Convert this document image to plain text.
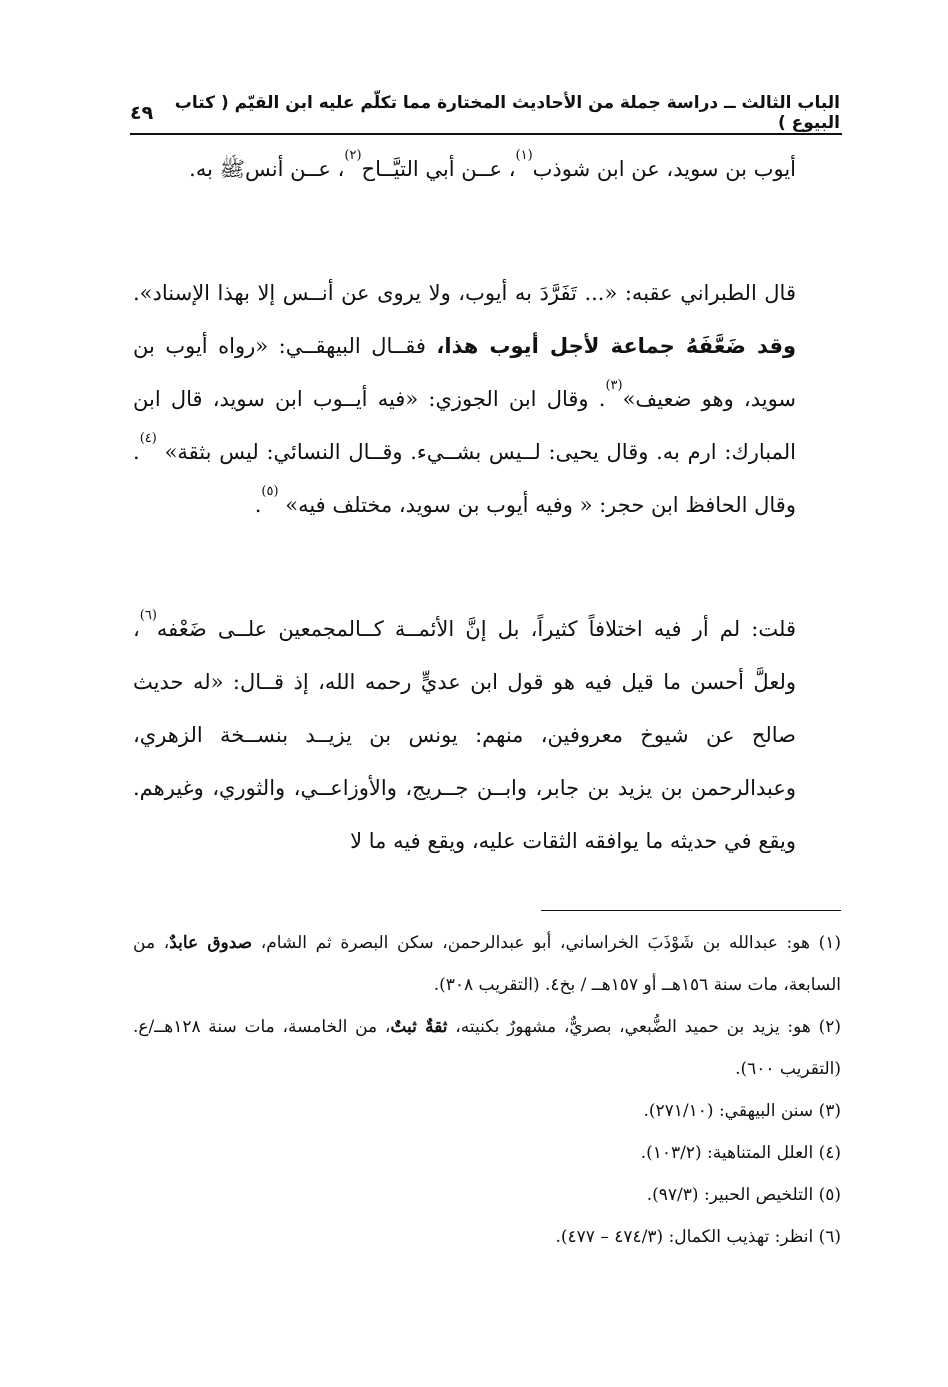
الباب الثالث ــ دراسة جملة من الأحاديث المختارة مما تكلّم عليه ابن القيّم ( كتاب البيوع )
٤٩

أيوب بن سويد، عن ابن شوذب$^{(١)}$، عــن أبي التيَّــاح$^{(٢)}$، عــن أنسﷺ به.

قال الطبراني عقبه: «... تَفَرَّدَ به أيوب، ولا يروى عن أنــس إلا بهذا الإسناد». وقد ضَعَّفَهُ جماعة لأجل أيوب هذا، فقــال البيهقــي: «رواه أيوب بن سويد، وهو ضعيف»$^{(٣)}$. وقال ابن الجوزي: «فيه أيــوب ابن سويد، قال ابن المبارك: ارم به. وقال يحيى: لــيس بشــيء. وقــال النسائي: ليس بثقة» $^{(٤)}$. وقال الحافظ ابن حجر: « وفيه أيوب بن سويد، مختلف فيه» $^{(٥)}$.

قلت: لم أر فيه اختلافاً كثيراً، بل إنَّ الأئمــة كــالمجمعين علــى ضَعْفه$^{(٦)}$، ولعلَّ أحسن ما قيل فيه هو قول ابن عديٍّ رحمه الله، إذ قــال: «له حديث صالح عن شيوخ معروفين، منهم: يونس بن يزيــد بنســخة الزهري، وعبدالرحمن بن يزيد بن جابر، وابــن جــريج، والأوزاعــي، والثوري، وغيرهم. ويقع في حديثه ما يوافقه الثقات عليه، ويقع فيه ما لا

(١) هو: عبدالله بن شَوْذَبَ الخراساني، أبو عبدالرحمن، سكن البصرة ثم الشام، صدوق عابدٌ، من السابعة، مات سنة ١٥٦هــ أو ١٥٧هــ / بخ٤. (التقريب ٣٠٨).

(٢) هو: يزيد بن حميد الضُّبعي، بصريٌّ، مشهورٌ بكنيته، ثقةٌ ثبتٌ، من الخامسة، مات سنة ١٢٨هــ/ع. (التقريب ٦٠٠).

(٣) سنن البيهقي: (٢٧١/١٠).

(٤) العلل المتناهية: (١٠٣/٢).

(٥) التلخيص الحبير: (٩٧/٣).

(٦) انظر: تهذيب الكمال: (٤٧٤/٣ – ٤٧٧).
